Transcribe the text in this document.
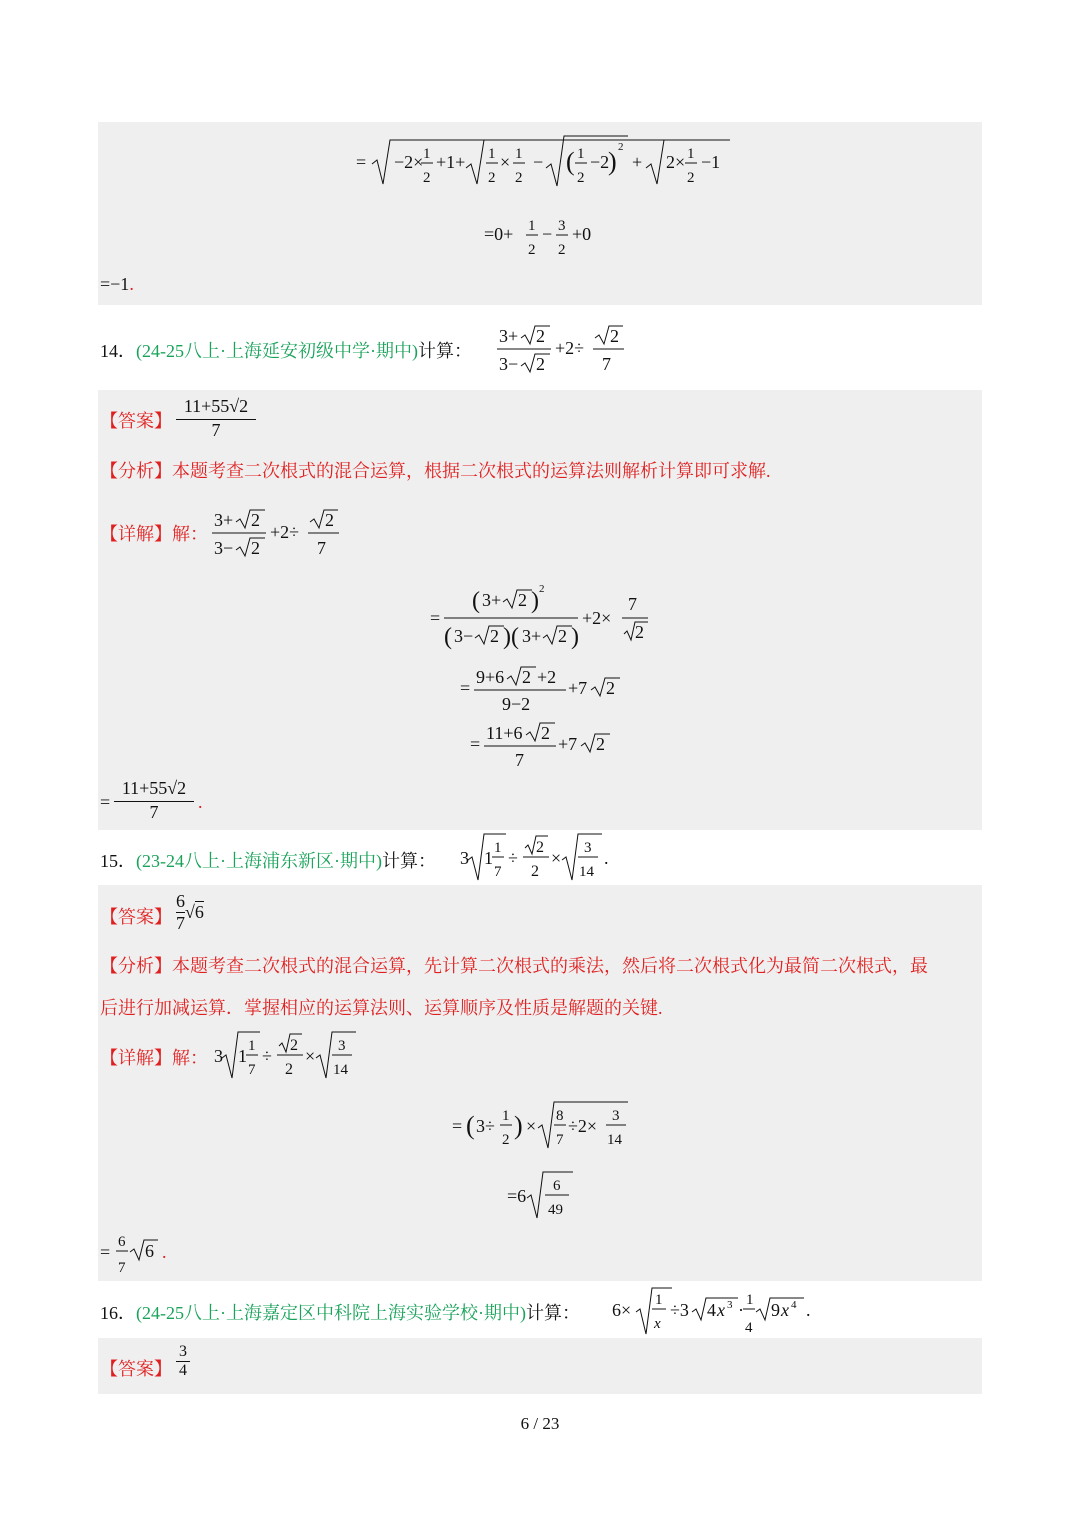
= −2× 1
2
+1+ 1
2
× 1
2
− ( 1
2
−2
) 2
+ 2× 1
2
−1
=0+ 1
2
− 3
2
+0
=−1.
14．(24-25八上·上海延安初级中学·期中)计算：
3+ 2
3− 2
+2÷
2
7
【答案】 $\frac{11+55√2}{7}$
【分析】本题考查二次根式的混合运算，根据二次根式的运算法则解析计算即可求解.
【详解】解：
3+ 2
3− 2
+2÷
2
7
=
( 3+ 2 ) 2
( 3− 2 )( 3+ 2 )
+2×
7
2
=
9+6 2 +2
9−2
+7 2
=
11+6 2
7
+7 2
= $\frac{11+55√2}{7}$ .
15．(23-24八上·上海浦东新区·期中)计算： 3 1 1
7
÷
2
2
× 3
14
.
【答案】 $\frac{6}{7} √6$
【分析】本题考查二次根式的混合运算，先计算二次根式的乘法，然后将二次根式化为最简二次根式，最
后进行加减运算．掌握相应的运算法则、运算顺序及性质是解题的关键.
【详解】解： 3 1 1
7
÷
2
2
× 3
14
= ( 3÷ 1
2 ) × 8
7
÷2× 3
14
=6 6
49
= 6
7
6 .
16．(24-25八上·上海嘉定区中科院上海实验学校·期中)计算： 6× 1
x
÷3 4 x 3 · 1
4
9 x 4 .
【答案】 $\frac{3}{4}$
6 / 23
